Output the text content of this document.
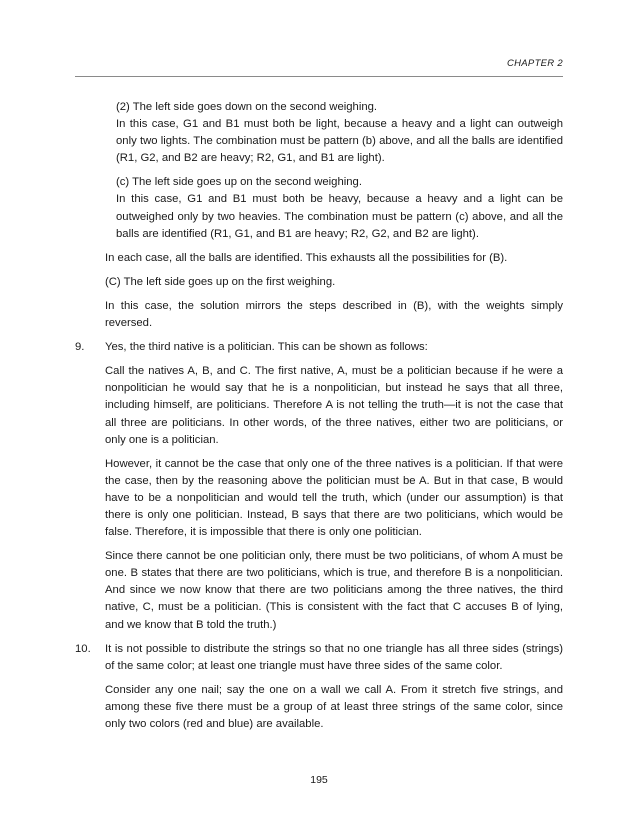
CHAPTER 2

(2) The left side goes down on the second weighing.

In this case, G1 and B1 must both be light, because a heavy and a light can outweigh only two lights. The combination must be pattern (b) above, and all the balls are identified (R1, G2, and B2 are heavy; R2, G1, and B1 are light).

(c) The left side goes up on the second weighing.

In this case, G1 and B1 must both be heavy, because a heavy and a light can be outweighed only by two heavies. The combination must be pattern (c) above, and all the balls are identified (R1, G1, and B1 are heavy; R2, G2, and B2 are light).

In each case, all the balls are identified. This exhausts all the possibilities for (B).

(C) The left side goes up on the first weighing.

In this case, the solution mirrors the steps described in (B), with the weights simply reversed.

9. Yes, the third native is a politician. This can be shown as follows:

Call the natives A, B, and C. The first native, A, must be a politician because if he were a nonpolitician he would say that he is a nonpolitician, but instead he says that all three, including himself, are politicians. Therefore A is not telling the truth—it is not the case that all three are politicians. In other words, of the three natives, either two are politicians, or only one is a politician.

However, it cannot be the case that only one of the three natives is a politician. If that were the case, then by the reasoning above the politician must be A. But in that case, B would have to be a nonpolitician and would tell the truth, which (under our assumption) is that there is only one politician. Instead, B says that there are two politicians, which would be false. Therefore, it is impossible that there is only one politician.

Since there cannot be one politician only, there must be two politicians, of whom A must be one. B states that there are two politicians, which is true, and therefore B is a nonpolitician. And since we now know that there are two politicians among the three natives, the third native, C, must be a politician. (This is consistent with the fact that C accuses B of lying, and we know that B told the truth.)

10. It is not possible to distribute the strings so that no one triangle has all three sides (strings) of the same color; at least one triangle must have three sides of the same color.

Consider any one nail; say the one on a wall we call A. From it stretch five strings, and among these five there must be a group of at least three strings of the same color, since only two colors (red and blue) are available.

195
